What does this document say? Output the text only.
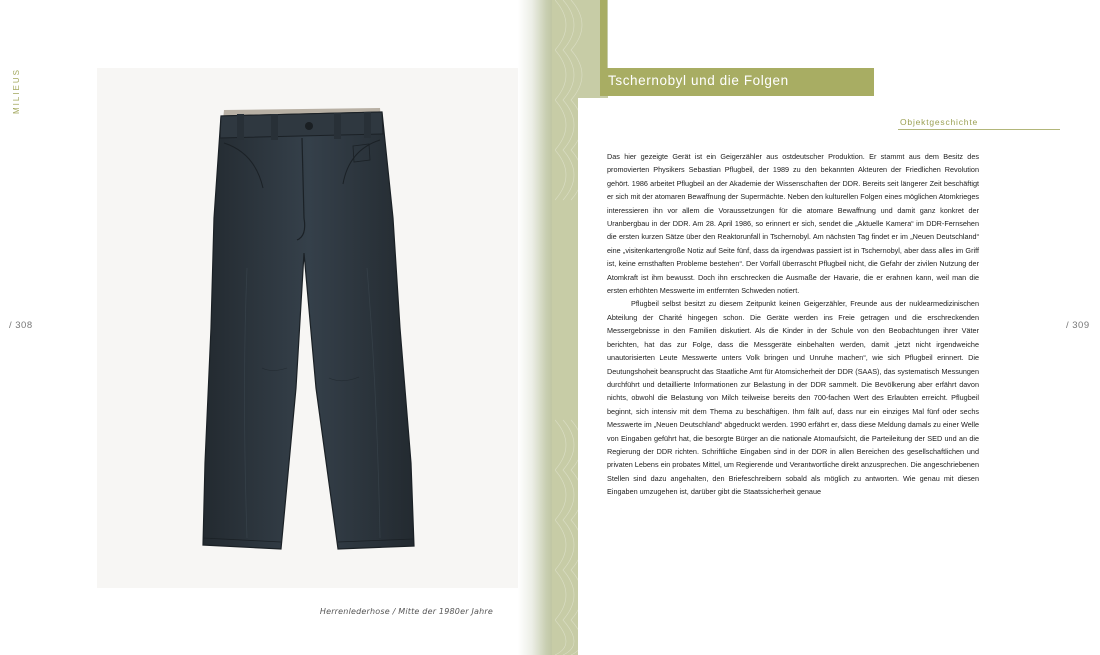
MILIEUS
Herrenlederhose / Mitte der 1980er Jahre
/ 308
Tschernobyl und die Folgen
Objektgeschichte

Das hier gezeigte Gerät ist ein Geigerzähler aus ostdeutscher Produktion. Er stammt aus dem Besitz des promovierten Physikers Sebastian Pflugbeil, der 1989 zu den bekannten Akteuren der Friedlichen Revolution gehört. 1986 arbeitet Pflugbeil an der Akademie der Wissenschaften der DDR. Bereits seit längerer Zeit beschäftigt er sich mit der atomaren Bewaffnung der Supermächte. Neben den kulturellen Folgen eines möglichen Atomkrieges interessieren ihn vor allem die Voraussetzungen für die atomare Bewaffnung und damit ganz konkret der Uranbergbau in der DDR. Am 28. April 1986, so erinnert er sich, sendet die „Aktuelle Kamera“ im DDR-Fernsehen die ersten kurzen Sätze über den Reaktorunfall in Tschernobyl. Am nächsten Tag findet er im „Neuen Deutschland“ eine „visitenkartengroße Notiz auf Seite fünf, dass da irgendwas passiert ist in Tschernobyl, aber dass alles im Griff ist, keine ernsthaften Probleme bestehen“. Der Vorfall überrascht Pflugbeil nicht, die Gefahr der zivilen Nutzung der Atomkraft ist ihm bewusst. Doch ihn erschrecken die Ausmaße der Havarie, die er erahnen kann, weil man die ersten erhöhten Messwerte im entfernten Schweden notiert.

Pflugbeil selbst besitzt zu diesem Zeitpunkt keinen Geigerzähler, Freunde aus der nuklearmedizinischen Abteilung der Charité hingegen schon. Die Geräte werden ins Freie getragen und die erschreckenden Messergebnisse in den Familien diskutiert. Als die Kinder in der Schule von den Beobachtungen ihrer Väter berichten, hat das zur Folge, dass die Messgeräte einbehalten werden, damit „jetzt nicht irgendweiche unautorisierten Leute Messwerte unters Volk bringen und Unruhe machen“, wie sich Pflugbeil erinnert. Die Deutungshoheit beansprucht das Staatliche Amt für Atomsicherheit der DDR (SAAS), das systematisch Messungen durchführt und detaillierte Informationen zur Belastung in der DDR sammelt. Die Bevölkerung aber erfährt davon nichts, obwohl die Belastung von Milch teilweise bereits den 700-fachen Wert des Erlaubten erreicht. Pflugbeil beginnt, sich intensiv mit dem Thema zu beschäftigen. Ihm fällt auf, dass nur ein einziges Mal fünf oder sechs Messwerte im „Neuen Deutschland“ abgedruckt werden. 1990 erfährt er, dass diese Meldung damals zu einer Welle von Eingaben geführt hat, die besorgte Bürger an die nationale Atomaufsicht, die Parteileitung der SED und an die Regierung der DDR richten. Schriftliche Eingaben sind in der DDR in allen Bereichen des gesellschaftlichen und privaten Lebens ein probates Mittel, um Regierende und Verantwortliche direkt anzusprechen. Die angeschriebenen Stellen sind dazu angehalten, den Briefeschreibern sobald als möglich zu antworten. Wie genau mit diesen Eingaben umzugehen ist, darüber gibt die Staatssicherheit genaue

/ 309
